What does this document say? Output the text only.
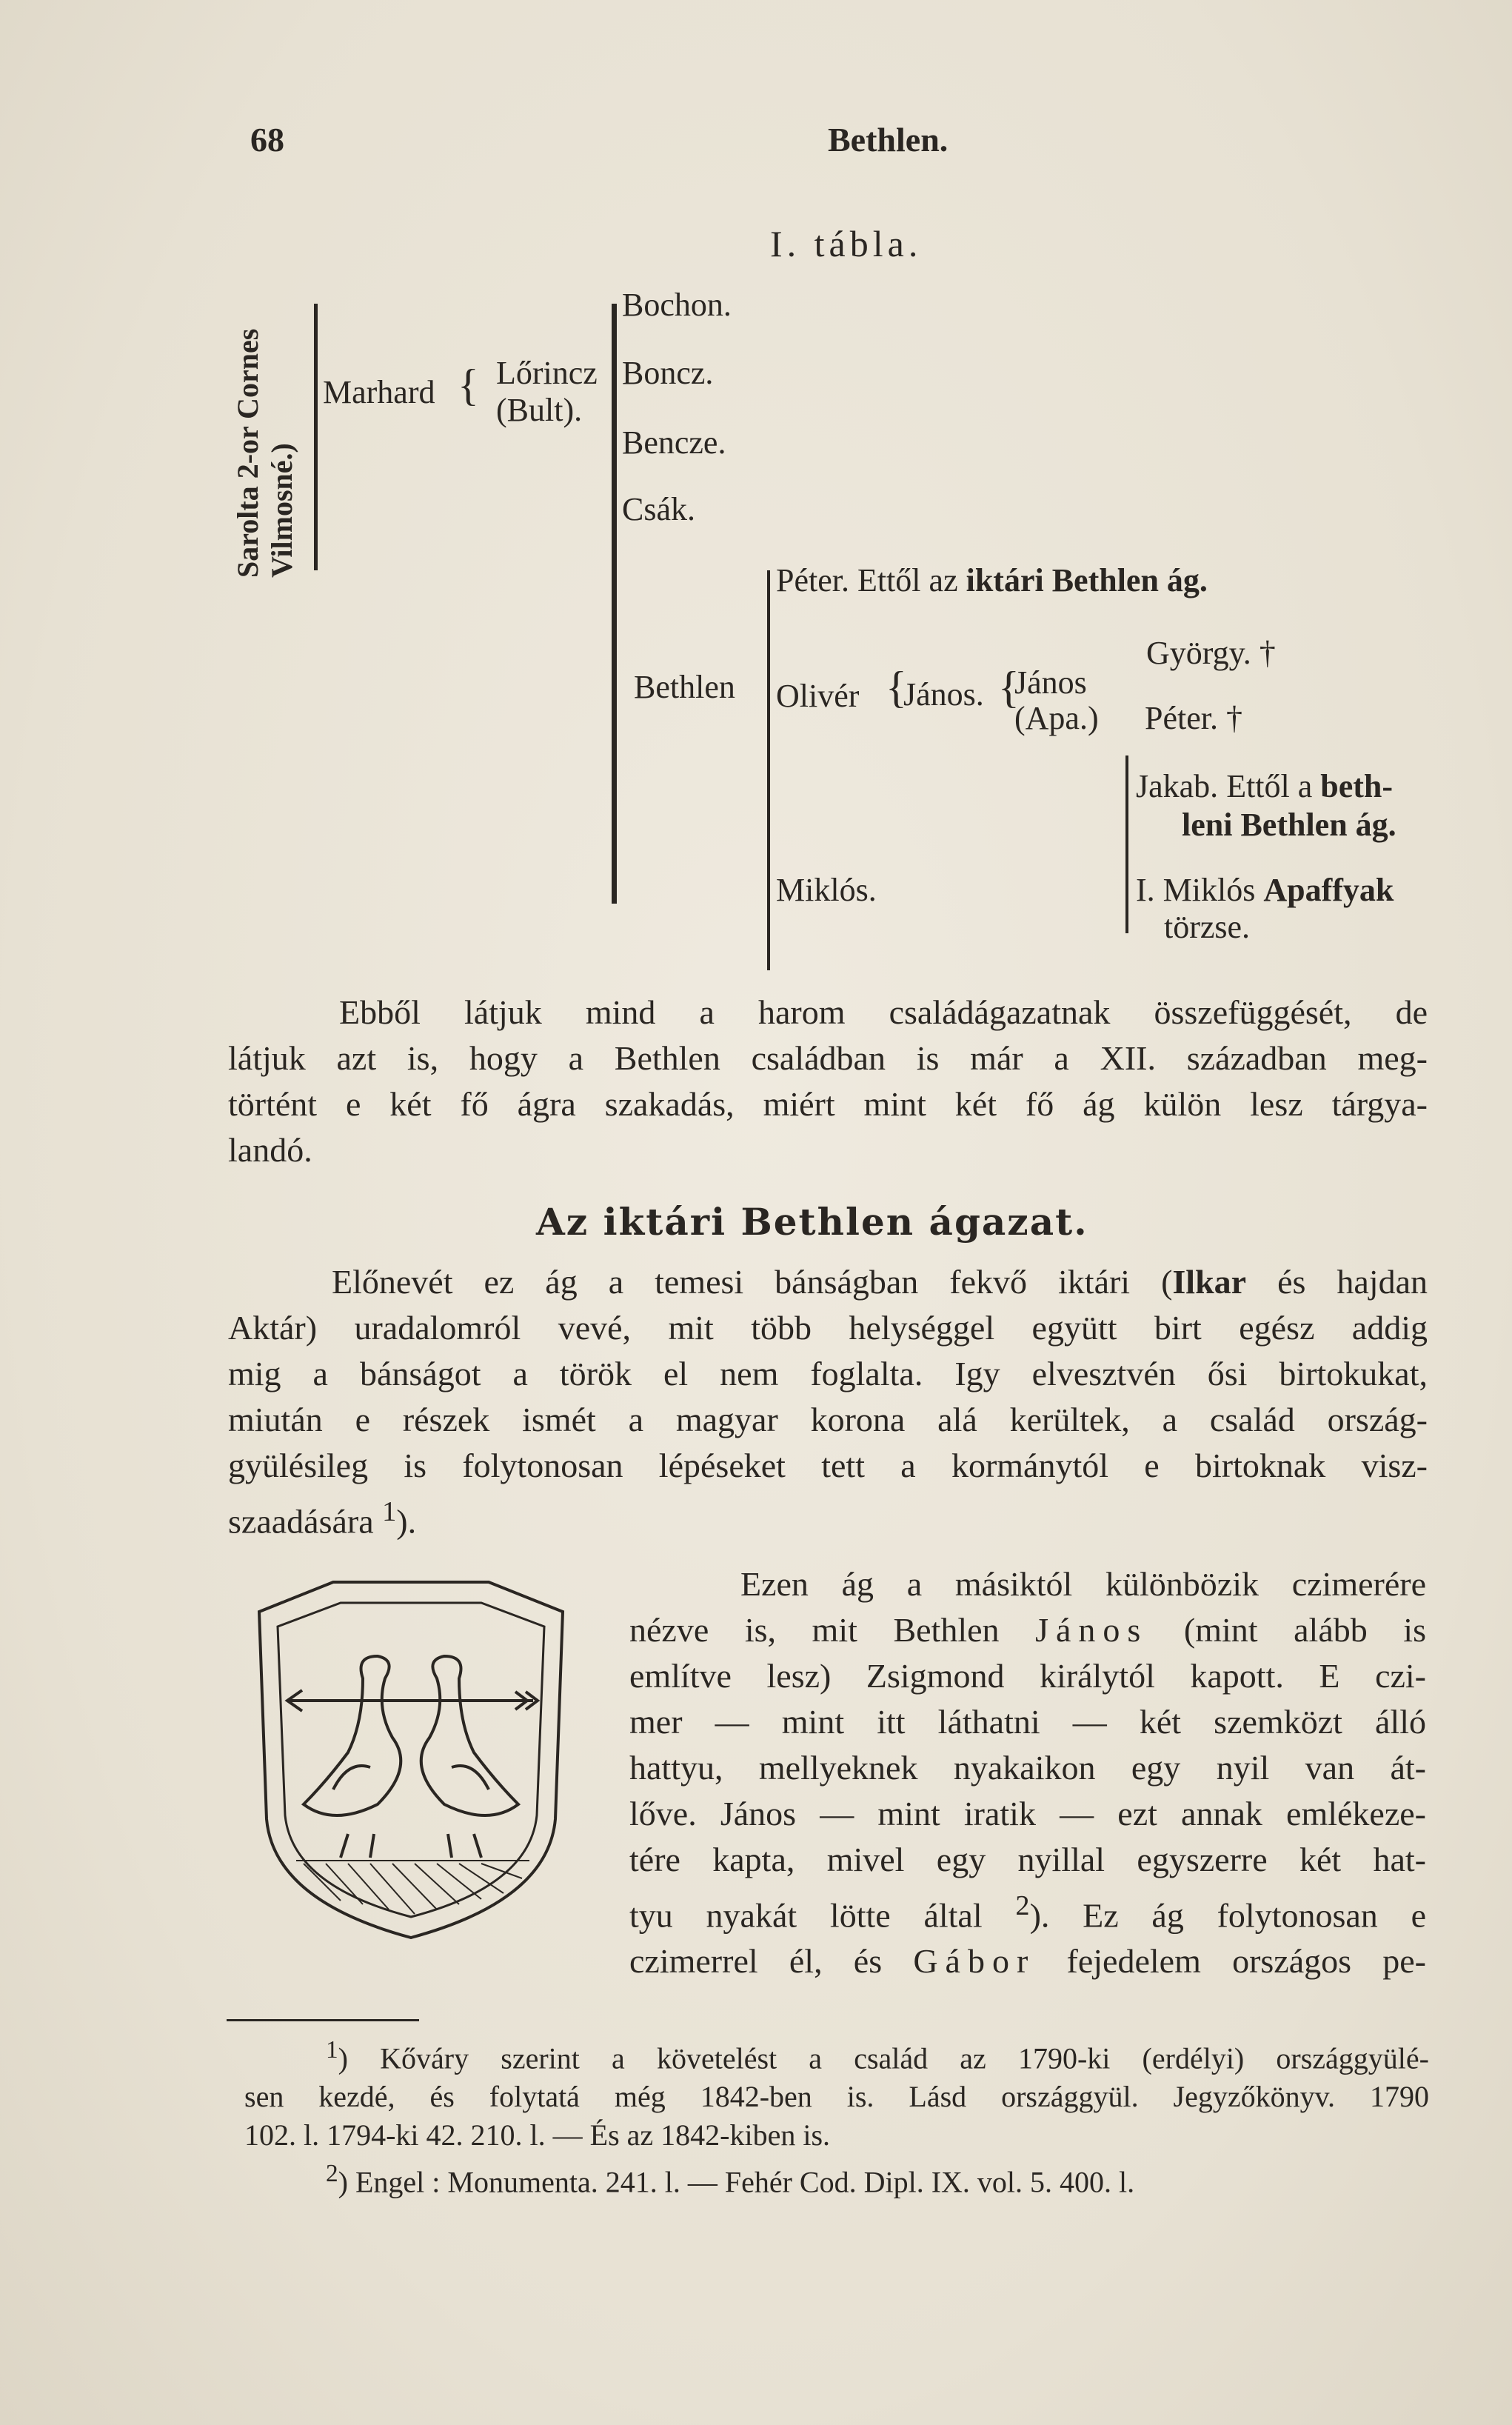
68	Bethlen.
I. tábla.
Sarolta 2-or Cornes Vilmosné.)
Marhard { Lőrincz
(Bult).
Bochon.
Boncz.
Bencze.
Csák.
Péter. Ettől az iktári Bethlen ág.
Bethlen Olivér {
János. {
János
(Apa.)
György. †
Péter. †
Jakab. Ettől a beth-
leni Bethlen ág.
Miklós.	I. Miklós Apaffyak
törzse.
Ebből látjuk mind a harom családágazatnak összefüggését, de
látjuk azt is, hogy a Bethlen családban is már a XII. században meg-
történt e két fő ágra szakadás, miért mint két fő ág külön lesz tárgya-
landó.
Az iktári Bethlen ágazat.
Előnevét ez ág a temesi bánságban fekvő iktári (Ilkar és hajdan
Aktár) uradalomról vevé, mit több helységgel együtt birt egész addig
mig a bánságot a török el nem foglalta. Igy elvesztvén ősi birtokukat,
miután e részek ismét a magyar korona alá kerültek, a család ország-
gyülésileg is folytonosan lépéseket tett a kormánytól e birtoknak visz-
szaadására $^1$).
Ezen ág a másiktól különbözik czimerére
nézve is, mit Bethlen János (mint alább is
említve lesz) Zsigmond királytól kapott. E czi-
mer — mint itt láthatni — két szemközt álló
hattyu, mellyeknek nyakaikon egy nyil van át-
lőve. János — mint iratik — ezt annak emlékeze-
tére kapta, mivel egy nyillal egyszerre két hat-
tyu nyakát lötte által $^2$). Ez ág folytonosan e
czimerrel él, és Gábor fejedelem országos pe-
$^1$) Kőváry szerint a követelést a család az 1790-ki (erdélyi) országgyülé-
sen kezdé, és folytatá még 1842-ben is. Lásd országgyül. Jegyzőkönyv. 1790
102. l. 1794-ki 42. 210. l. — És az 1842-kiben is.
$^2$) Engel : Monumenta. 241. l. — Fehér Cod. Dipl. IX. vol. 5. 400. l.
